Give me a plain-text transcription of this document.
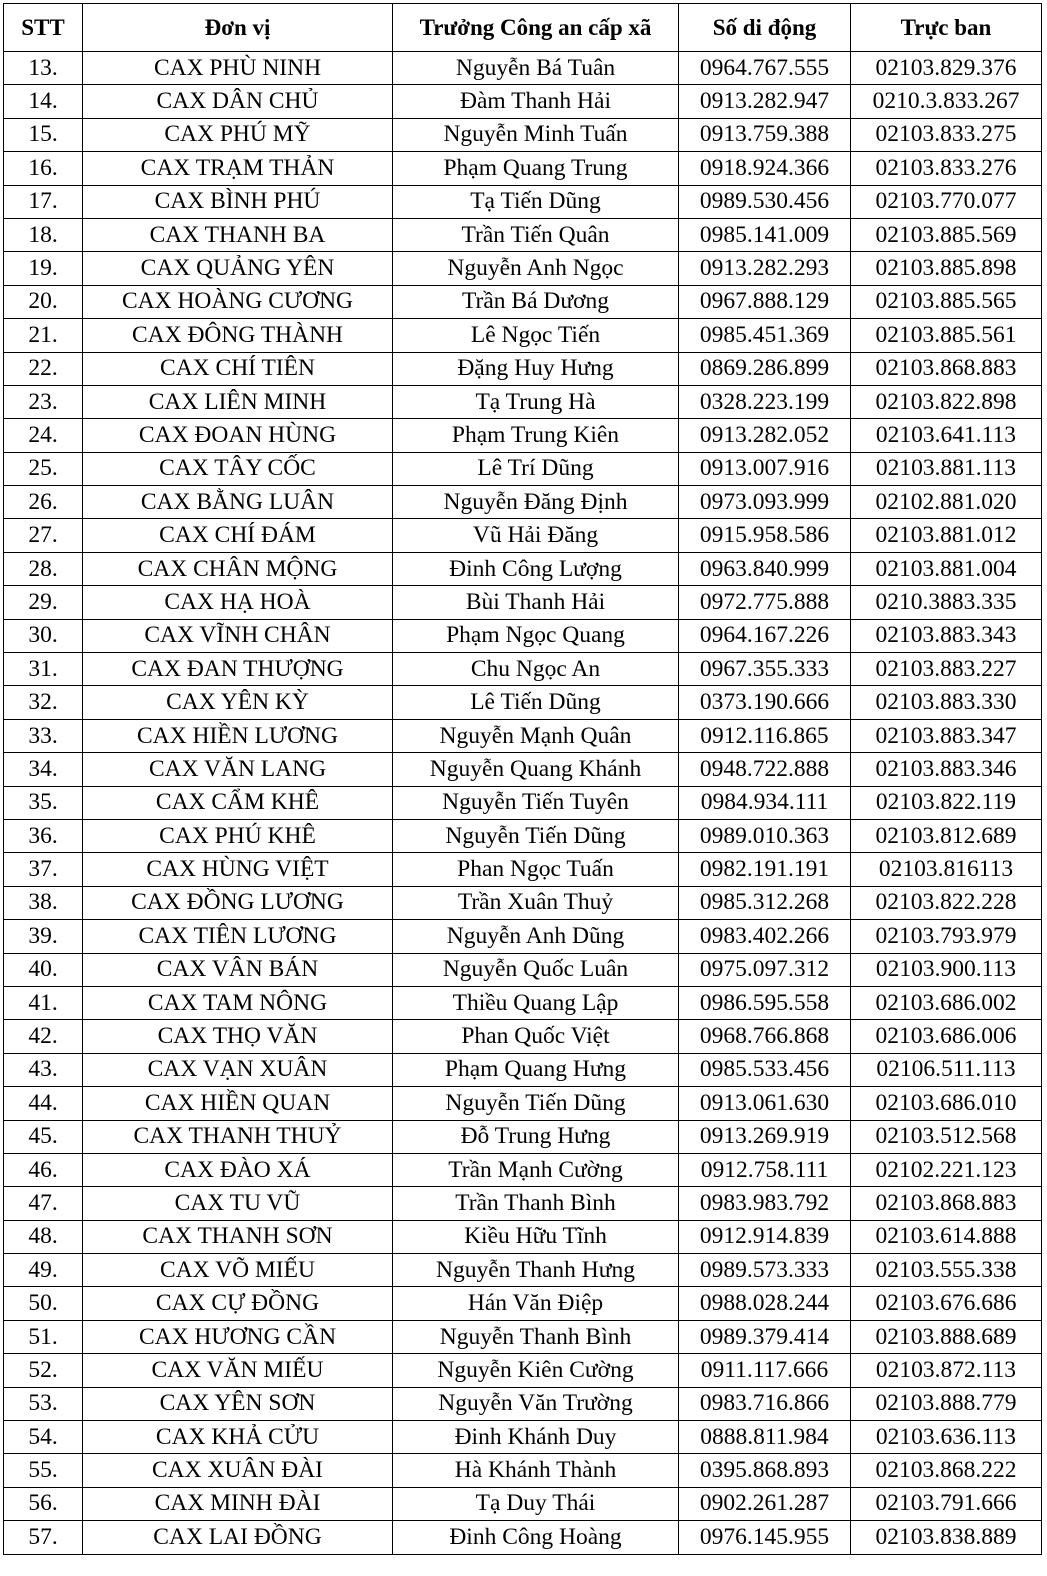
STT	Đơn vị	Trưởng Công an cấp xã	Số di động	Trực ban
13.	CAX PHÙ NINH	Nguyễn Bá Tuân	0964.767.555	02103.829.376
14.	CAX DÂN CHỦ	Đàm Thanh Hải	0913.282.947	0210.3.833.267
15.	CAX PHÚ MỸ	Nguyễn Minh Tuấn	0913.759.388	02103.833.275
16.	CAX TRẠM THẢN	Phạm Quang Trung	0918.924.366	02103.833.276
17.	CAX BÌNH PHÚ	Tạ Tiến Dũng	0989.530.456	02103.770.077
18.	CAX THANH BA	Trần Tiến Quân	0985.141.009	02103.885.569
19.	CAX QUẢNG YÊN	Nguyễn Anh Ngọc	0913.282.293	02103.885.898
20.	CAX HOÀNG CƯƠNG	Trần Bá Dương	0967.888.129	02103.885.565
21.	CAX ĐÔNG THÀNH	Lê Ngọc Tiến	0985.451.369	02103.885.561
22.	CAX CHÍ TIÊN	Đặng Huy Hưng	0869.286.899	02103.868.883
23.	CAX LIÊN MINH	Tạ Trung Hà	0328.223.199	02103.822.898
24.	CAX ĐOAN HÙNG	Phạm Trung Kiên	0913.282.052	02103.641.113
25.	CAX TÂY CỐC	Lê Trí Dũng	0913.007.916	02103.881.113
26.	CAX BẰNG LUÂN	Nguyễn Đăng Định	0973.093.999	02102.881.020
27.	CAX CHÍ ĐÁM	Vũ Hải Đăng	0915.958.586	02103.881.012
28.	CAX CHÂN MỘNG	Đinh Công Lượng	0963.840.999	02103.881.004
29.	CAX HẠ HOÀ	Bùi Thanh Hải	0972.775.888	0210.3883.335
30.	CAX VĨNH CHÂN	Phạm Ngọc Quang	0964.167.226	02103.883.343
31.	CAX ĐAN THƯỢNG	Chu Ngọc An	0967.355.333	02103.883.227
32.	CAX YÊN KỲ	Lê Tiến Dũng	0373.190.666	02103.883.330
33.	CAX HIỀN LƯƠNG	Nguyễn Mạnh Quân	0912.116.865	02103.883.347
34.	CAX VĂN LANG	Nguyễn Quang Khánh	0948.722.888	02103.883.346
35.	CAX CẨM KHÊ	Nguyễn Tiến Tuyên	0984.934.111	02103.822.119
36.	CAX PHÚ KHÊ	Nguyễn Tiến Dũng	0989.010.363	02103.812.689
37.	CAX HÙNG VIỆT	Phan Ngọc Tuấn	0982.191.191	02103.816113
38.	CAX ĐỒNG LƯƠNG	Trần Xuân Thuỷ	0985.312.268	02103.822.228
39.	CAX TIÊN LƯƠNG	Nguyễn Anh Dũng	0983.402.266	02103.793.979
40.	CAX VÂN BÁN	Nguyễn Quốc Luân	0975.097.312	02103.900.113
41.	CAX TAM NÔNG	Thiều Quang Lập	0986.595.558	02103.686.002
42.	CAX THỌ VĂN	Phan Quốc Việt	0968.766.868	02103.686.006
43.	CAX VẠN XUÂN	Phạm Quang Hưng	0985.533.456	02106.511.113
44.	CAX HIỀN QUAN	Nguyễn Tiến Dũng	0913.061.630	02103.686.010
45.	CAX THANH THUỶ	Đỗ Trung Hưng	0913.269.919	02103.512.568
46.	CAX ĐÀO XÁ	Trần Mạnh Cường	0912.758.111	02102.221.123
47.	CAX TU VŨ	Trần Thanh Bình	0983.983.792	02103.868.883
48.	CAX THANH SƠN	Kiều Hữu Tĩnh	0912.914.839	02103.614.888
49.	CAX VÕ MIẾU	Nguyễn Thanh Hưng	0989.573.333	02103.555.338
50.	CAX CỰ ĐỒNG	Hán Văn Điệp	0988.028.244	02103.676.686
51.	CAX HƯƠNG CẦN	Nguyễn Thanh Bình	0989.379.414	02103.888.689
52.	CAX VĂN MIẾU	Nguyễn Kiên Cường	0911.117.666	02103.872.113
53.	CAX YÊN SƠN	Nguyễn Văn Trường	0983.716.866	02103.888.779
54.	CAX KHẢ CỬU	Đinh Khánh Duy	0888.811.984	02103.636.113
55.	CAX XUÂN ĐÀI	Hà Khánh Thành	0395.868.893	02103.868.222
56.	CAX MINH ĐÀI	Tạ Duy Thái	0902.261.287	02103.791.666
57.	CAX LAI ĐỒNG	Đinh Công Hoàng	0976.145.955	02103.838.889
